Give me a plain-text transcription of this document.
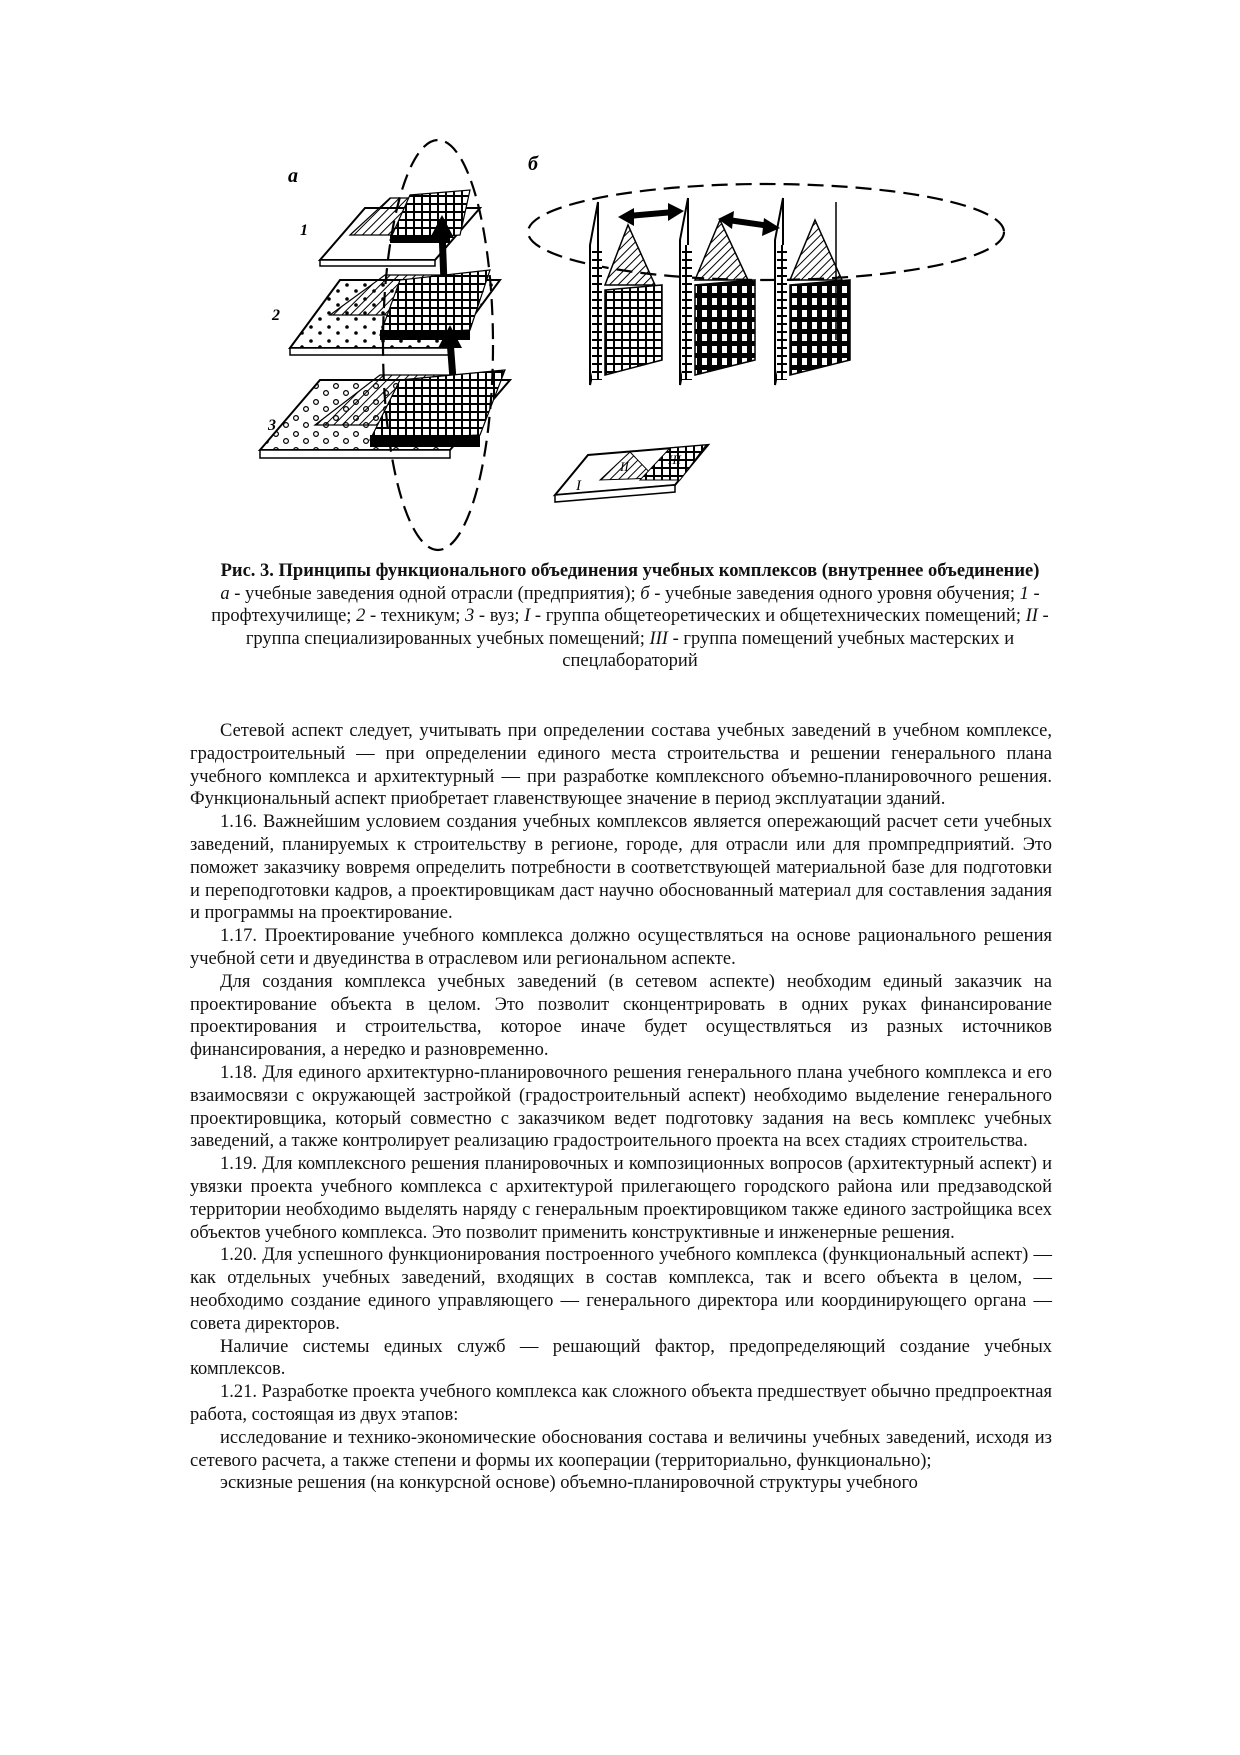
а
б
1
2
3
I
II	III
Рис. 3. Принципы функционального объединения учебных комплексов (внутреннее объединение)
а - учебные заведения одной отрасли (предприятия); б - учебные заведения одного уровня обучения; 1 - профтехучилище; 2 - техникум; 3 - вуз; I - группа общетеоретических и общетехнических помещений; II - группа специализированных учебных помещений; III - группа помещений учебных мастерских и спецлабораторий

Сетевой аспект следует, учитывать при определении состава учебных заведений в учебном комплексе, градостроительный — при определении единого места строительства и решении генерального плана учебного комплекса и архитектурный — при разработке комплексного объемно-планировочного решения. Функциональный аспект приобретает главенствующее значение в период эксплуатации зданий.

1.16. Важнейшим условием создания учебных комплексов является опережающий расчет сети учебных заведений, планируемых к строительству в регионе, городе, для отрасли или для промпредприятий. Это поможет заказчику вовремя определить потребности в соответствующей материальной базе для подготовки и переподготовки кадров, а проектировщикам даст научно обоснованный материал для составления задания и программы на проектирование.

1.17. Проектирование учебного комплекса должно осуществляться на основе рационального решения учебной сети и двуединства в отраслевом или региональном аспекте.

Для создания комплекса учебных заведений (в сетевом аспекте) необходим единый заказчик на проектирование объекта в целом. Это позволит сконцентрировать в одних руках финансирование проектирования и строительства, которое иначе будет осуществляться из разных источников финансирования, а нередко и разновременно.

1.18. Для единого архитектурно-планировочного решения генерального плана учебного комплекса и его взаимосвязи с окружающей застройкой (градостроительный аспект) необходимо выделение генерального проектировщика, который совместно с заказчиком ведет подготовку задания на весь комплекс учебных заведений, а также контролирует реализацию градостроительного проекта на всех стадиях строительства.

1.19. Для комплексного решения планировочных и композиционных вопросов (архитектурный аспект) и увязки проекта учебного комплекса с архитектурой прилегающего городского района или предзаводской территории необходимо выделять наряду с генеральным проектировщиком также единого застройщика всех объектов учебного комплекса. Это позволит применить конструктивные и инженерные решения.

1.20. Для успешного функционирования построенного учебного комплекса (функциональный аспект) — как отдельных учебных заведений, входящих в состав комплекса, так и всего объекта в целом, — необходимо создание единого управляющего — генерального директора или координирующего органа — совета директоров.

Наличие системы единых служб — решающий фактор, предопределяющий создание учебных комплексов.

1.21. Разработке проекта учебного комплекса как сложного объекта предшествует обычно предпроектная работа, состоящая из двух этапов:

исследование и технико-экономические обоснования состава и величины учебных заведений, исходя из сетевого расчета, а также степени и формы их кооперации (территориально, функционально);

эскизные решения (на конкурсной основе) объемно-планировочной структуры учебного
